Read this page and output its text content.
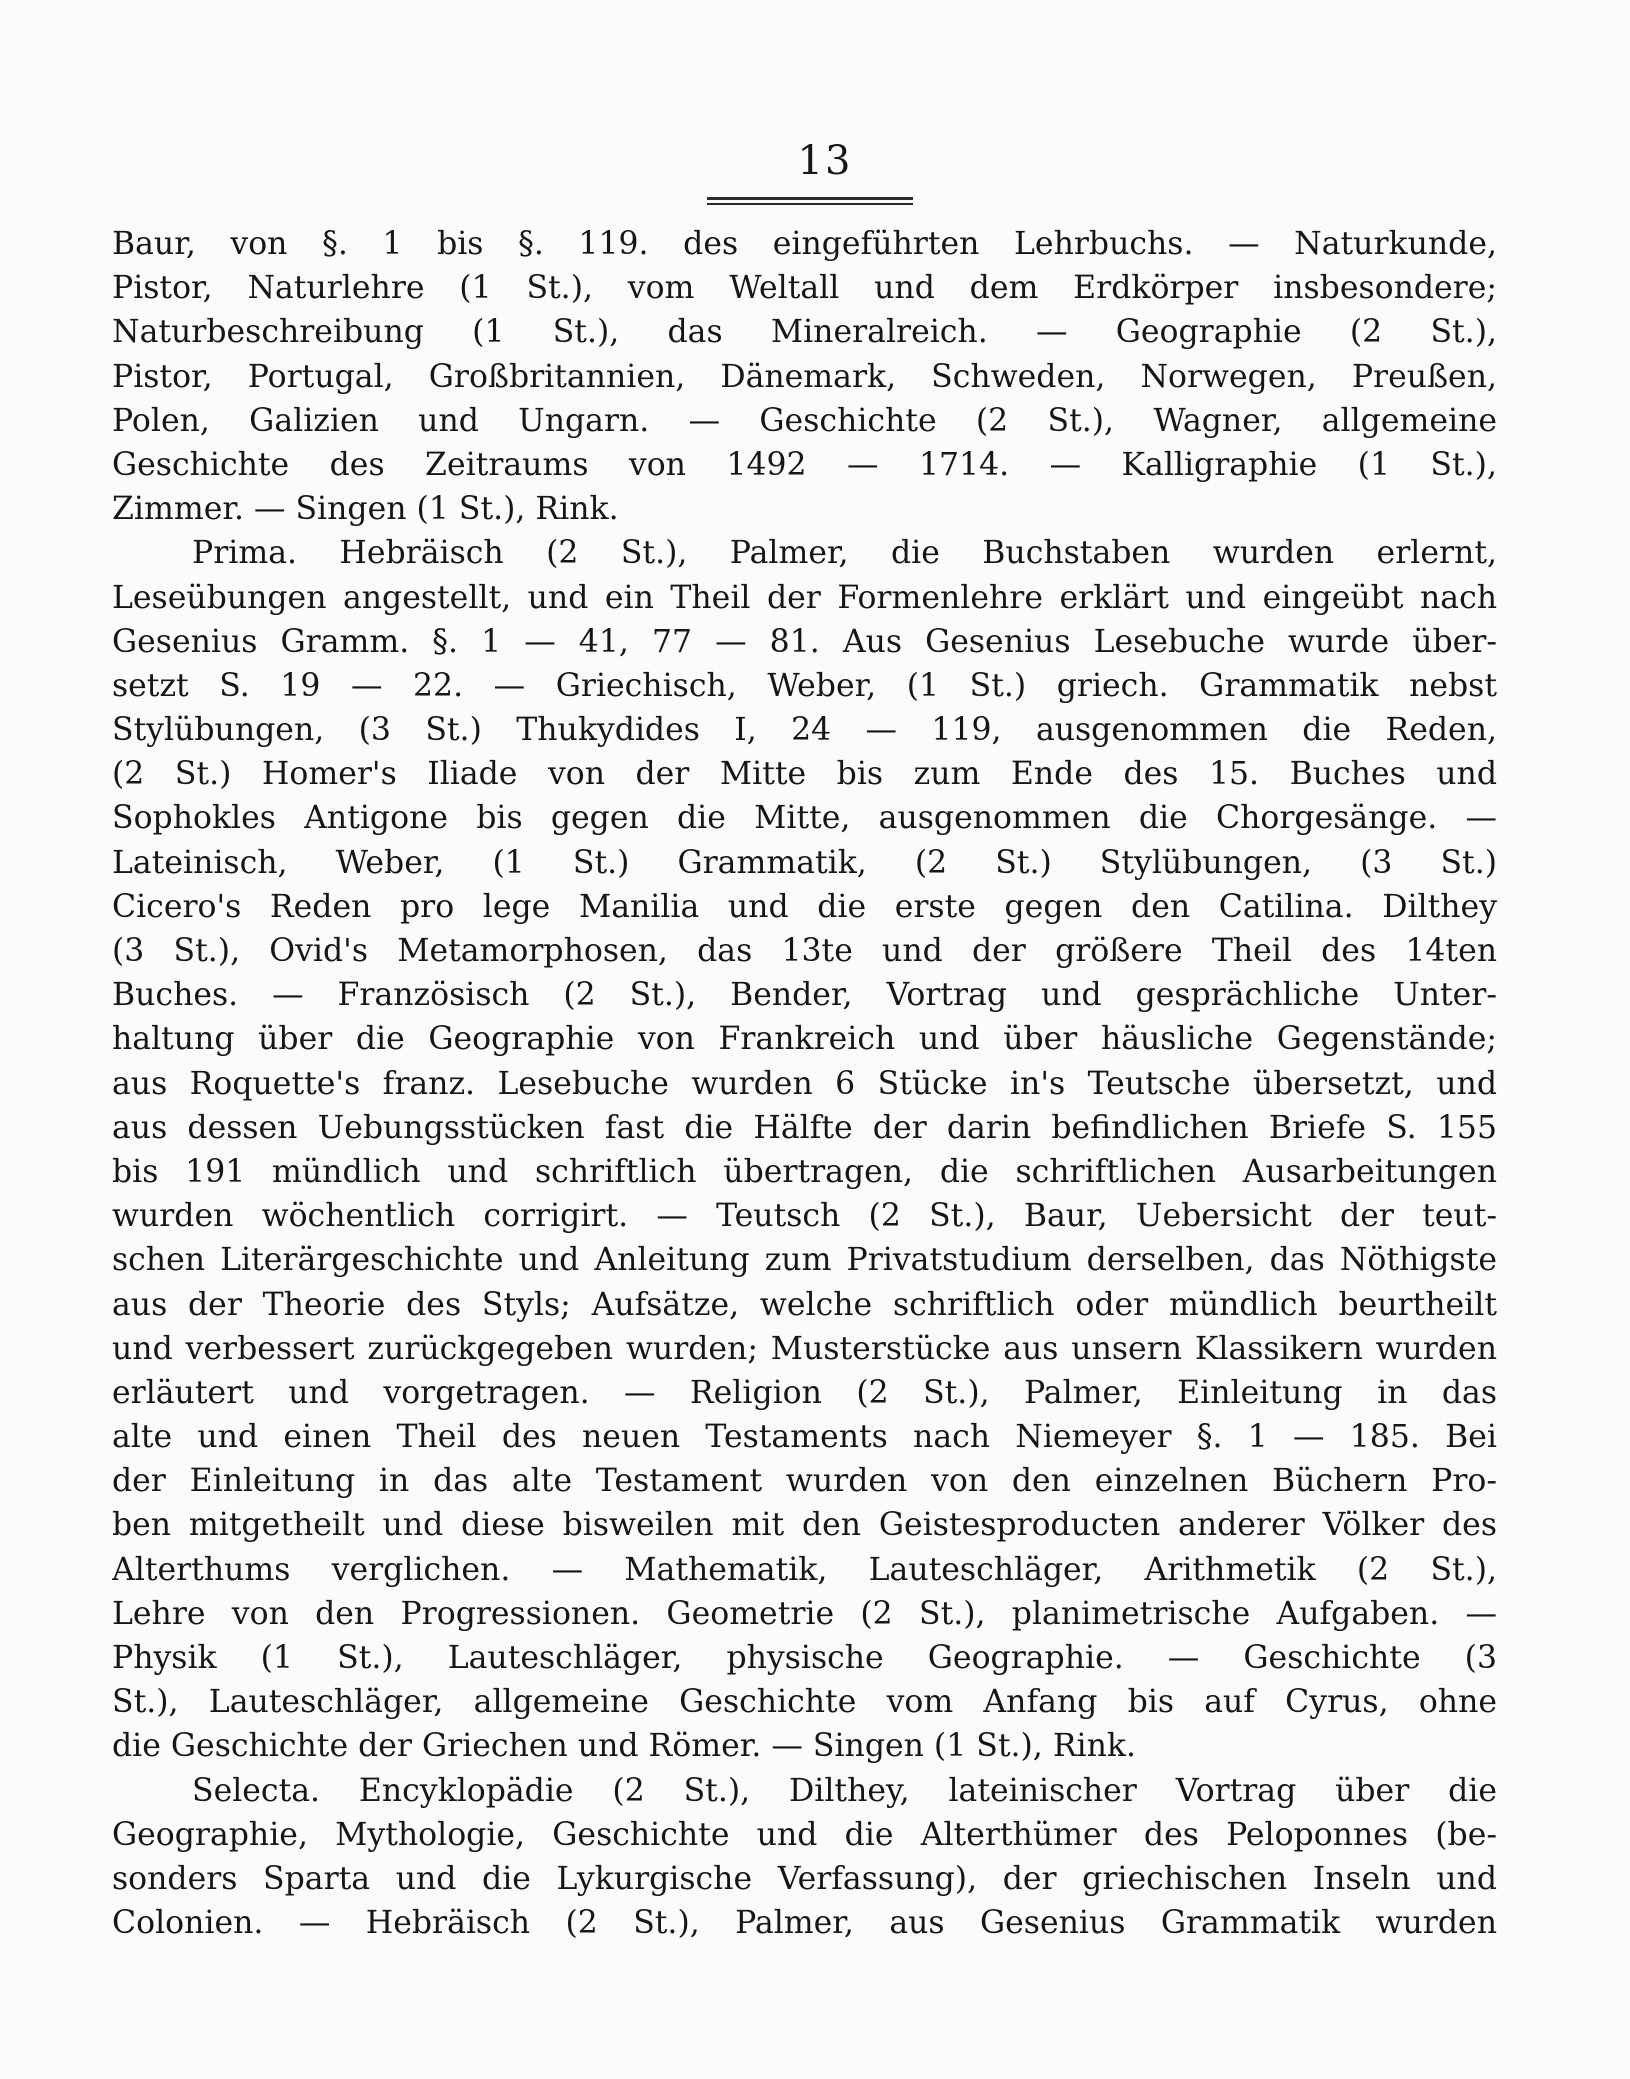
13
Baur, von §. 1 bis §. 119. des eingeführten Lehrbuchs. — Naturkunde,
Pistor, Naturlehre (1 St.), vom Weltall und dem Erdkörper insbesondere;
Naturbeschreibung (1 St.), das Mineralreich. — Geographie (2 St.),
Pistor, Portugal, Großbritannien, Dänemark, Schweden, Norwegen, Preußen,
Polen, Galizien und Ungarn. — Geschichte (2 St.), Wagner, allgemeine
Geschichte des Zeitraums von 1492 — 1714. — Kalligraphie (1 St.),
Zimmer. — Singen (1 St.), Rink.
Prima. Hebräisch (2 St.), Palmer, die Buchstaben wurden erlernt,
Leseübungen angestellt, und ein Theil der Formenlehre erklärt und eingeübt nach
Gesenius Gramm. §. 1 — 41, 77 — 81. Aus Gesenius Lesebuche wurde über-
setzt S. 19 — 22. — Griechisch, Weber, (1 St.) griech. Grammatik nebst
Stylübungen, (3 St.) Thukydides I, 24 — 119, ausgenommen die Reden,
(2 St.) Homer's Iliade von der Mitte bis zum Ende des 15. Buches und
Sophokles Antigone bis gegen die Mitte, ausgenommen die Chorgesänge. —
Lateinisch, Weber, (1 St.) Grammatik, (2 St.) Stylübungen, (3 St.)
Cicero's Reden pro lege Manilia und die erste gegen den Catilina. Dilthey
(3 St.), Ovid's Metamorphosen, das 13te und der größere Theil des 14ten
Buches. — Französisch (2 St.), Bender, Vortrag und gesprächliche Unter-
haltung über die Geographie von Frankreich und über häusliche Gegenstände;
aus Roquette's franz. Lesebuche wurden 6 Stücke in's Teutsche übersetzt, und
aus dessen Uebungsstücken fast die Hälfte der darin befindlichen Briefe S. 155
bis 191 mündlich und schriftlich übertragen, die schriftlichen Ausarbeitungen
wurden wöchentlich corrigirt. — Teutsch (2 St.), Baur, Uebersicht der teut-
schen Literärgeschichte und Anleitung zum Privatstudium derselben, das Nöthigste
aus der Theorie des Styls; Aufsätze, welche schriftlich oder mündlich beurtheilt
und verbessert zurückgegeben wurden; Musterstücke aus unsern Klassikern wurden
erläutert und vorgetragen. — Religion (2 St.), Palmer, Einleitung in das
alte und einen Theil des neuen Testaments nach Niemeyer §. 1 — 185. Bei
der Einleitung in das alte Testament wurden von den einzelnen Büchern Pro-
ben mitgetheilt und diese bisweilen mit den Geistesproducten anderer Völker des
Alterthums verglichen. — Mathematik, Lauteschläger, Arithmetik (2 St.),
Lehre von den Progressionen. Geometrie (2 St.), planimetrische Aufgaben. —
Physik (1 St.), Lauteschläger, physische Geographie. — Geschichte (3
St.), Lauteschläger, allgemeine Geschichte vom Anfang bis auf Cyrus, ohne
die Geschichte der Griechen und Römer. — Singen (1 St.), Rink.
Selecta. Encyklopädie (2 St.), Dilthey, lateinischer Vortrag über die
Geographie, Mythologie, Geschichte und die Alterthümer des Peloponnes (be-
sonders Sparta und die Lykurgische Verfassung), der griechischen Inseln und
Colonien. — Hebräisch (2 St.), Palmer, aus Gesenius Grammatik wurden
